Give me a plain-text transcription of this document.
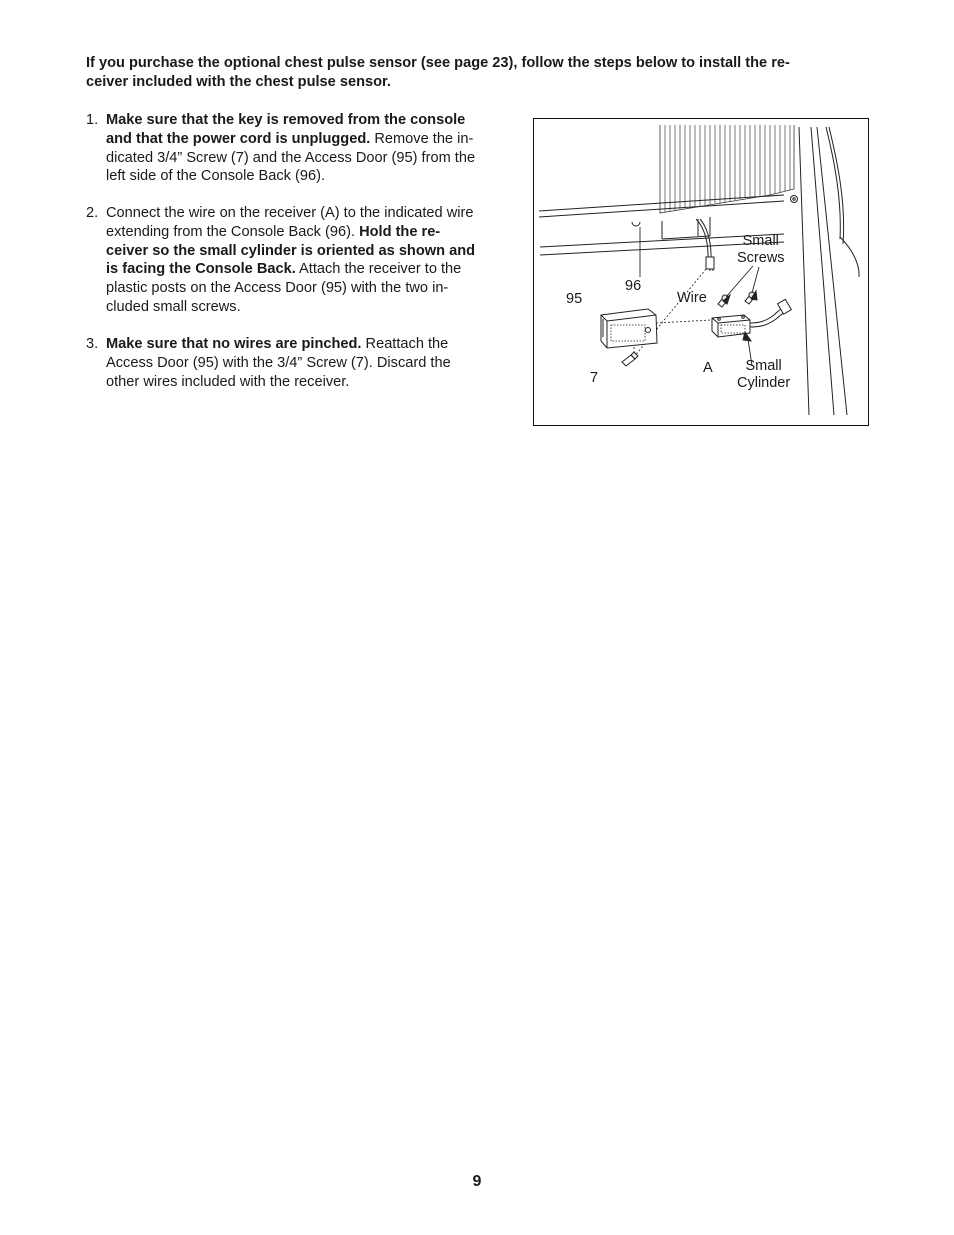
If you purchase the optional chest pulse sensor (see page 23), follow the steps below to install the re-
ceiver included with the chest pulse sensor.

1. Make sure that the key is removed from the console
and that the power cord is unplugged. Remove the in-
dicated 3/4” Screw (7) and the Access Door (95) from the
left side of the Console Back (96).
2. Connect the wire on the receiver (A) to the indicated wire
extending from the Console Back (96). Hold the re-
ceiver so the small cylinder is oriented as shown and
is facing the Console Back. Attach the receiver to the
plastic posts on the Access Door (95) with the two in-
cluded small screws.
3. Make sure that no wires are pinched. Reattach the
Access Door (95) with the 3/4” Screw (7). Discard the
other wires included with the receiver.
Small
Screws
96
95	Wire
7
A	Small
Cylinder
9
